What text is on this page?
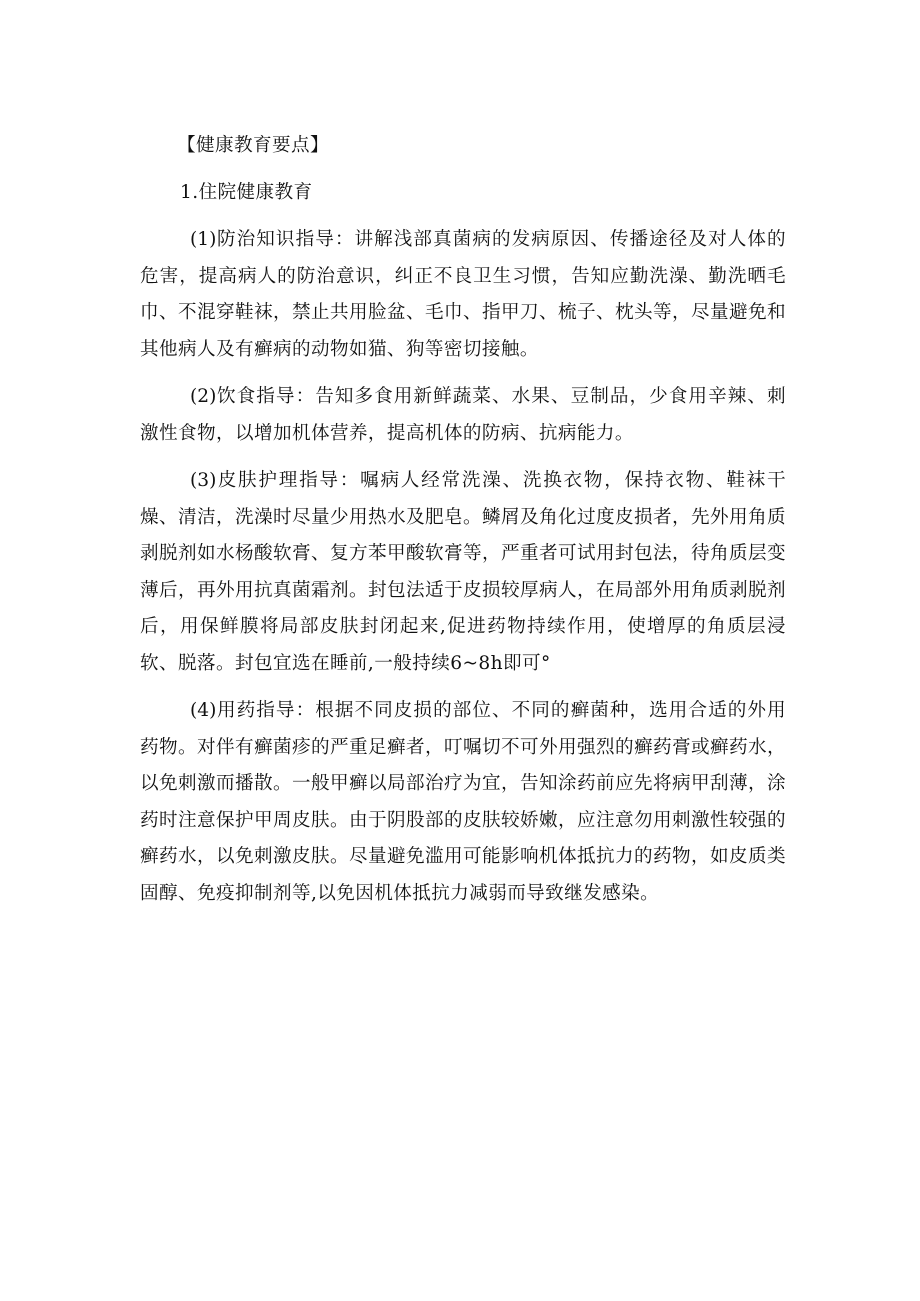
【健康教育要点】
1.住院健康教育

(1)防治知识指导：讲解浅部真菌病的发病原因、传播途径及对人体的危害，提高病人的防治意识，纠正不良卫生习惯，告知应勤洗澡、勤洗晒毛巾、不混穿鞋袜，禁止共用脸盆、毛巾、指甲刀、梳子、枕头等，尽量避免和其他病人及有癣病的动物如猫、狗等密切接触。

(2)饮食指导：告知多食用新鲜蔬菜、水果、豆制品，少食用辛辣、刺激性食物，以增加机体营养，提高机体的防病、抗病能力。

(3)皮肤护理指导：嘱病人经常洗澡、洗换衣物，保持衣物、鞋袜干燥、清洁，洗澡时尽量少用热水及肥皂。鳞屑及角化过度皮损者，先外用角质剥脱剂如水杨酸软膏、复方苯甲酸软膏等，严重者可试用封包法，待角质层变薄后，再外用抗真菌霜剂。封包法适于皮损较厚病人，在局部外用角质剥脱剂后，用保鲜膜将局部皮肤封闭起来,促进药物持续作用，使增厚的角质层浸软、脱落。封包宜选在睡前,一般持续6~8h即可°

(4)用药指导：根据不同皮损的部位、不同的癣菌种，选用合适的外用药物。对伴有癣菌疹的严重足癣者，叮嘱切不可外用强烈的癣药膏或癣药水，以免刺激而播散。一般甲癣以局部治疗为宜，告知涂药前应先将病甲刮薄，涂药时注意保护甲周皮肤。由于阴股部的皮肤较娇嫩，应注意勿用刺激性较强的癣药水，以免刺激皮肤。尽量避免滥用可能影响机体抵抗力的药物，如皮质类固醇、免疫抑制剂等,以免因机体抵抗力减弱而导致继发感染。
